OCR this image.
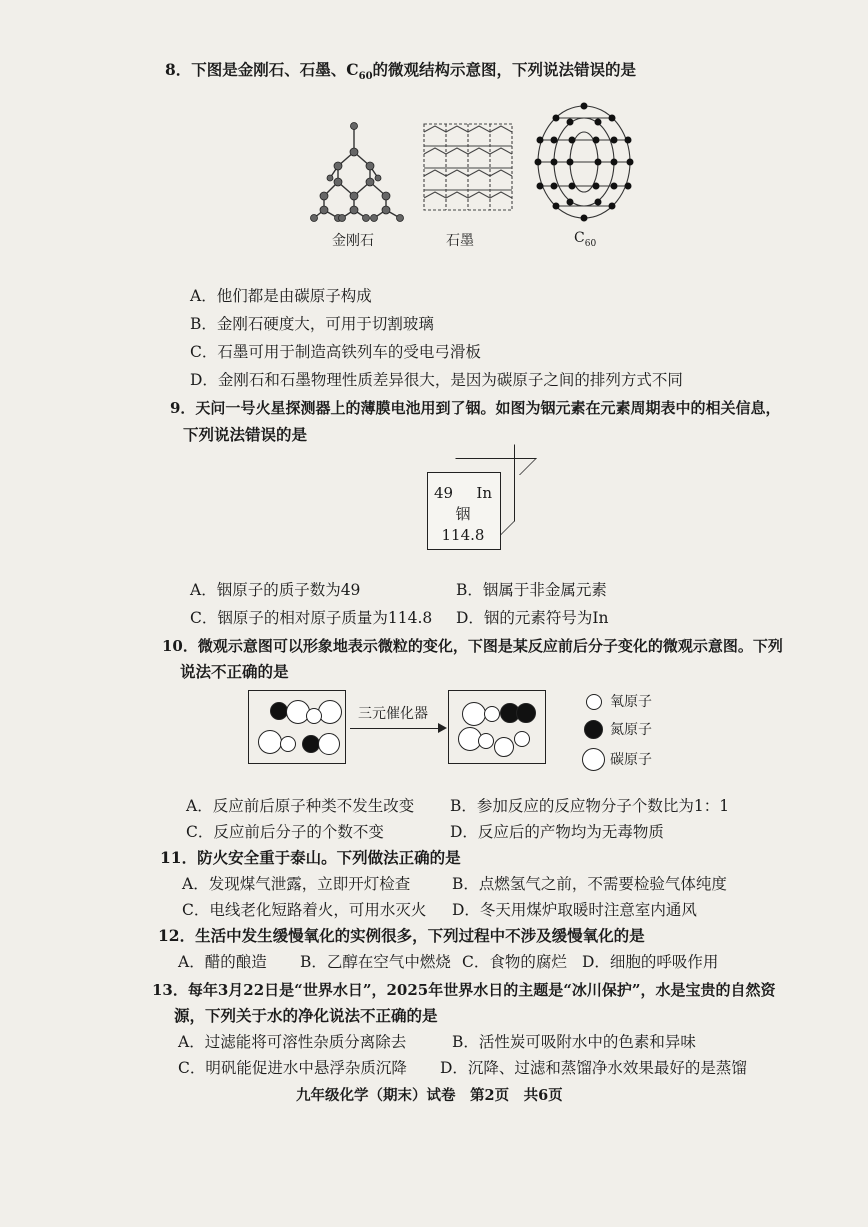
8．下图是金刚石、石墨、$C_{60}$的微观结构示意图，下列说法错误的是
金刚石	石墨	$C_{60}$
A．他们都是由碳原子构成
B．金刚石硬度大，可用于切割玻璃
C．石墨可用于制造高铁列车的受电弓滑板
D．金刚石和石墨物理性质差异很大，是因为碳原子之间的排列方式不同
9．天问一号火星探测器上的薄膜电池用到了铟。如图为铟元素在元素周期表中的相关信息，
下列说法错误的是
49 In
铟
114.8
A．铟原子的质子数为49	B．铟属于非金属元素
C．铟原子的相对原子质量为114.8 D．铟的元素符号为In
10．微观示意图可以形象地表示微粒的变化，下图是某反应前后分子变化的微观示意图。下列
说法不正确的是
三元催化器
氧原子
氮原子
碳原子
A．反应前后原子种类不发生改变 B．参加反应的反应物分子个数比为1：1
C．反应前后分子的个数不变	D．反应后的产物均为无毒物质
11．防火安全重于泰山。下列做法正确的是
A．发现煤气泄露，立即开灯检查	B．点燃氢气之前，不需要检验气体纯度
C．电线老化短路着火，可用水灭火 D．冬天用煤炉取暖时注意室内通风
12．生活中发生缓慢氧化的实例很多，下列过程中不涉及缓慢氧化的是
A．醋的酿造 B．乙醇在空气中燃烧 C．食物的腐烂 D．细胞的呼吸作用
13．每年3月22日是“世界水日”，2025年世界水日的主题是“冰川保护”，水是宝贵的自然资
源，下列关于水的净化说法不正确的是
A．过滤能将可溶性杂质分离除去	B．活性炭可吸附水中的色素和异味
C．明矾能促进水中悬浮杂质沉降 D．沉降、过滤和蒸馏净水效果最好的是蒸馏
九年级化学（期末）试卷　第2页　共6页
